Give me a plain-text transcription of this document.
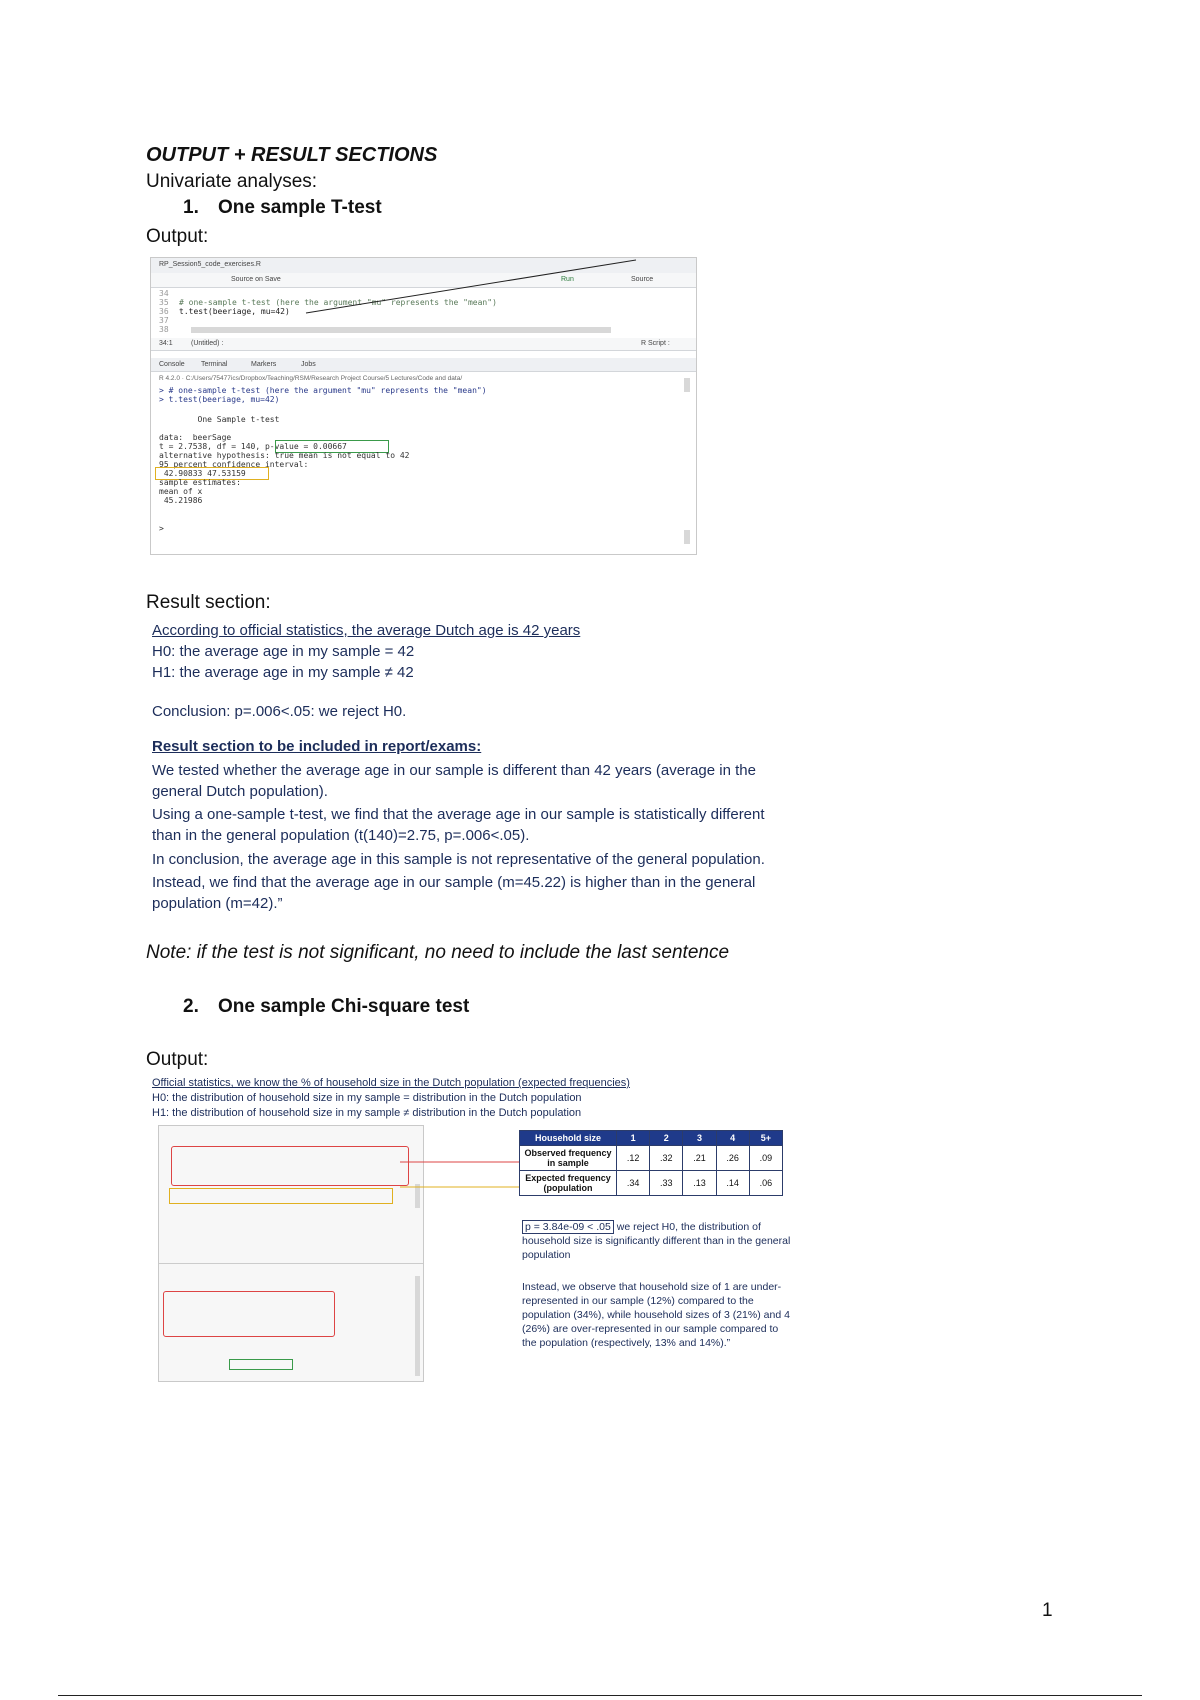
OUTPUT + RESULT SECTIONS
Univariate analyses:
1. One sample T-test
Output:
RP_Session5_code_exercises.R
Source on Save	Run	Source
34
35 # one-sample t-test (here the argument "mu" represents the "mean")
36 t.test(beeriage, mu=42)
37
38
34:1	(Untitled) :	R Script :
Console Terminal	Markers	Jobs
R 4.2.0 · C:/Users/75477ics/Dropbox/Teaching/RSM/Research Project Course/5 Lectures/Code and data/
> # one-sample t-test (here the argument "mu" represents the "mean")
> t.test(beeriage, mu=42)
One Sample t-test
data:  beerSage
t = 2.7538, df = 140, p-value = 0.00667
alternative hypothesis: true mean is not equal to 42
95 percent confidence interval:
42.90833 47.53159
sample estimates:
mean of x
45.21986
>
Result section:
According to official statistics, the average Dutch age is 42 years
H0: the average age in my sample = 42
H1: the average age in my sample ≠ 42
Conclusion: p=.006<.05: we reject H0.
Result section to be included in report/exams:
We tested whether the average age in our sample is different than 42 years (average in the
general Dutch population).
Using a one-sample t-test, we find that the average age in our sample is statistically different
than in the general population (t(140)=2.75, p=.006<.05).
In conclusion, the average age in this sample is not representative of the general population.
Instead, we find that the average age in our sample (m=45.22) is higher than in the general
population (m=42).”
Note: if the test is not significant, no need to include the last sentence
2. One sample Chi-square test
Output:
Official statistics, we know the % of household size in the Dutch population (expected frequencies)
H0: the distribution of household size in my sample = distribution in the Dutch population
H1: the distribution of household size in my sample ≠ distribution in the Dutch population
Household size	1	2	3	4	5+
Observed frequency in sample	.12	.32	.21	.26	.09
Expected frequency (population	.34	.33	.13	.14	.06
p = 3.84e-09 < .05 we reject H0, the distribution of household size is significantly different than in the general population
Instead, we observe that household size of 1 are under-represented in our sample (12%) compared to the population (34%), while household sizes of 3 (21%) and 4 (26%) are over-represented in our sample compared to the population (respectively, 13% and 14%).”
1
